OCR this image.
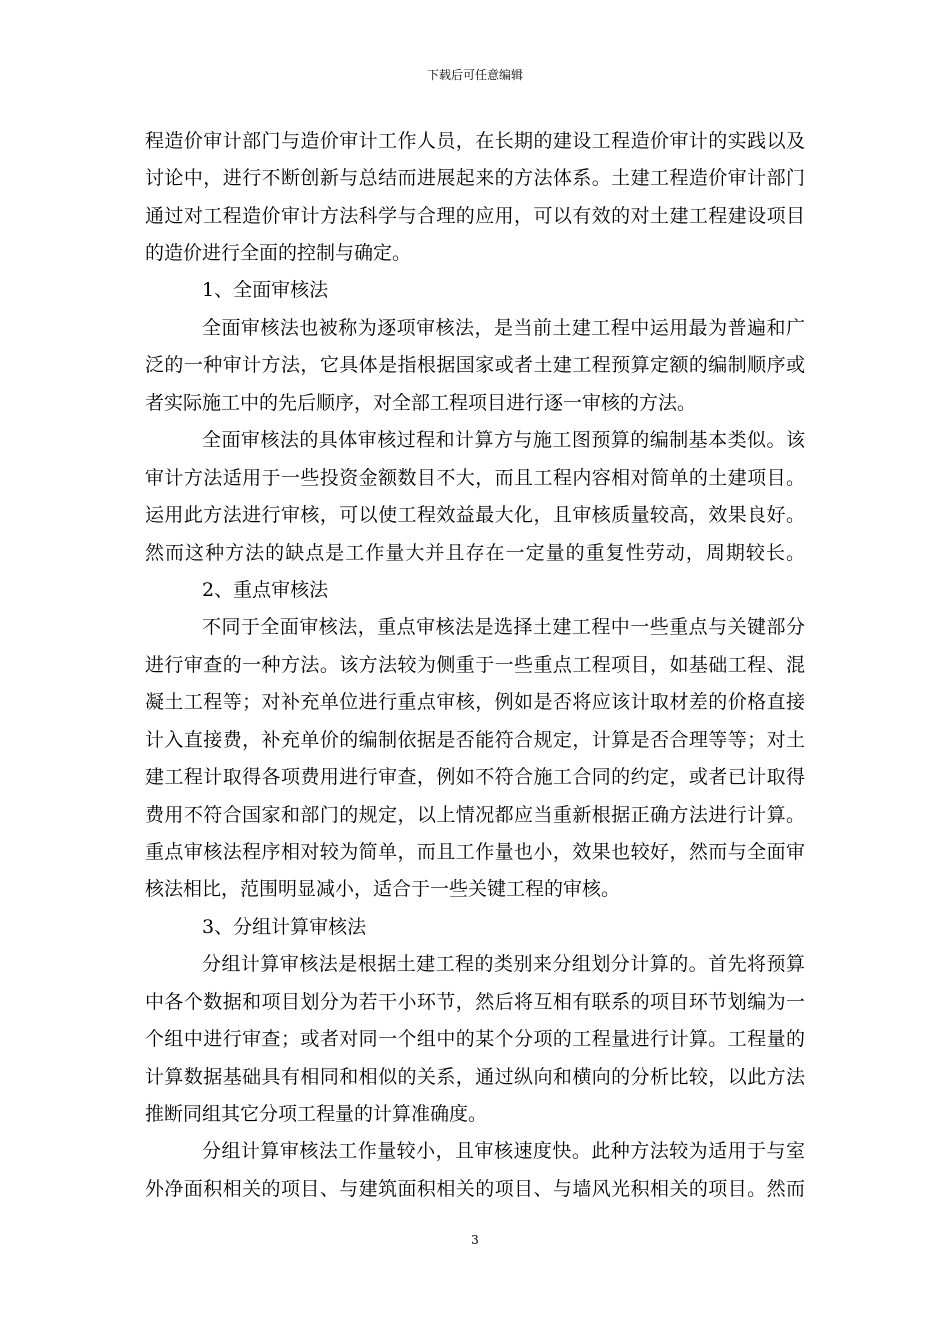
下载后可任意编辑
程造价审计部门与造价审计工作人员，在长期的建设工程造价审计的实践以及
讨论中，进行不断创新与总结而进展起来的方法体系。土建工程造价审计部门
通过对工程造价审计方法科学与合理的应用，可以有效的对土建工程建设项目
的造价进行全面的控制与确定。
1、全面审核法
全面审核法也被称为逐项审核法，是当前土建工程中运用最为普遍和广
泛的一种审计方法，它具体是指根据国家或者土建工程预算定额的编制顺序或
者实际施工中的先后顺序，对全部工程项目进行逐一审核的方法。
全面审核法的具体审核过程和计算方与施工图预算的编制基本类似。该
审计方法适用于一些投资金额数目不大，而且工程内容相对简单的土建项目。
运用此方法进行审核，可以使工程效益最大化，且审核质量较高，效果良好。
然而这种方法的缺点是工作量大并且存在一定量的重复性劳动，周期较长。
2、重点审核法
不同于全面审核法，重点审核法是选择土建工程中一些重点与关键部分
进行审查的一种方法。该方法较为侧重于一些重点工程项目，如基础工程、混
凝土工程等；对补充单位进行重点审核，例如是否将应该计取材差的价格直接
计入直接费，补充单价的编制依据是否能符合规定，计算是否合理等等；对土
建工程计取得各项费用进行审查，例如不符合施工合同的约定，或者已计取得
费用不符合国家和部门的规定，以上情况都应当重新根据正确方法进行计算。
重点审核法程序相对较为简单，而且工作量也小，效果也较好，然而与全面审
核法相比，范围明显减小，适合于一些关键工程的审核。
3、分组计算审核法
分组计算审核法是根据土建工程的类别来分组划分计算的。首先将预算
中各个数据和项目划分为若干小环节，然后将互相有联系的项目环节划编为一
个组中进行审查；或者对同一个组中的某个分项的工程量进行计算。工程量的
计算数据基础具有相同和相似的关系，通过纵向和横向的分析比较，以此方法
推断同组其它分项工程量的计算准确度。
分组计算审核法工作量较小，且审核速度快。此种方法较为适用于与室
外净面积相关的项目、与建筑面积相关的项目、与墙风光积相关的项目。然而
3
